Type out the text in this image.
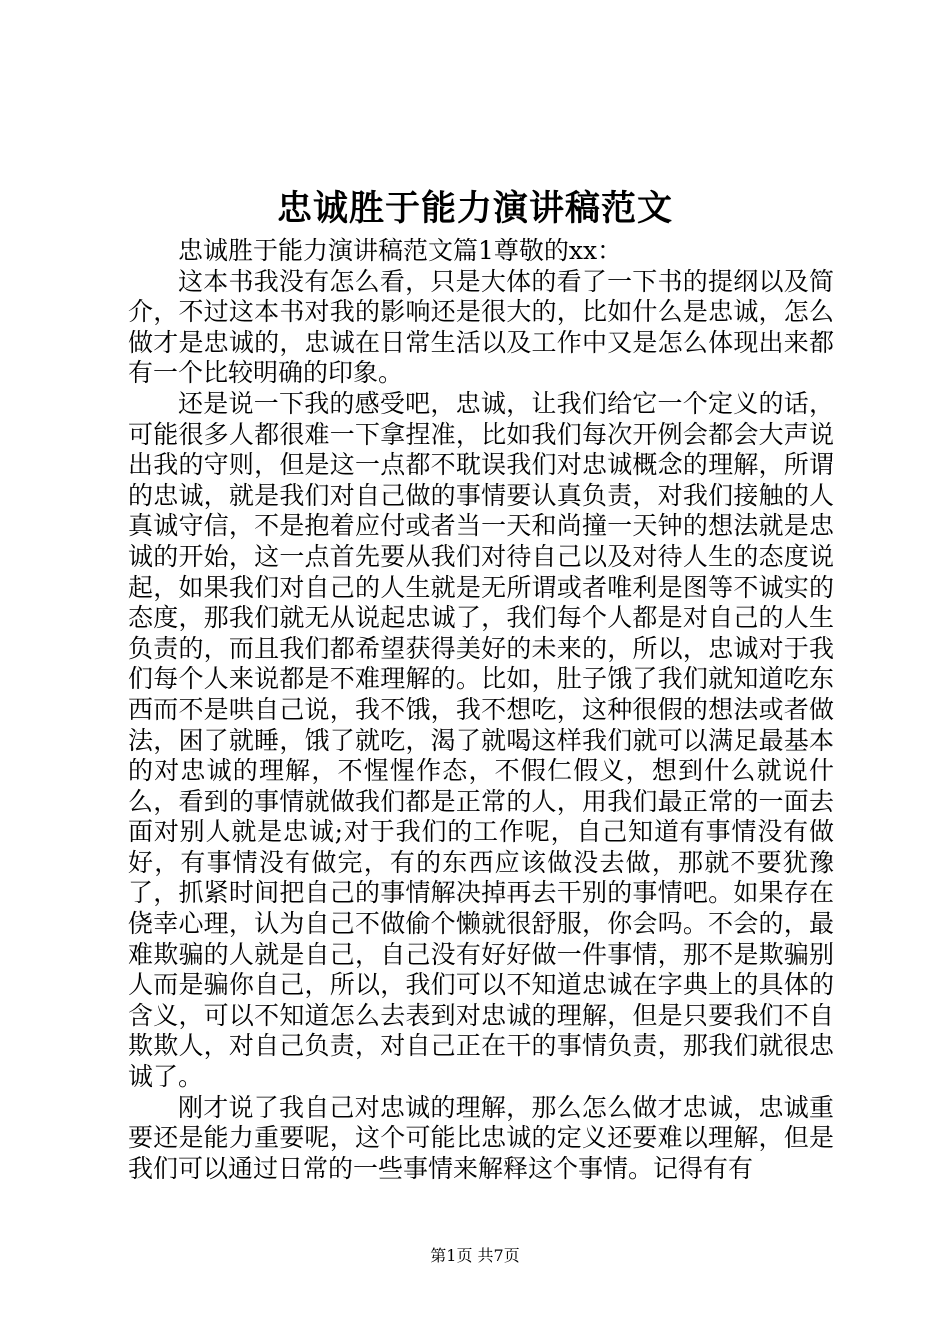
忠诚胜于能力演讲稿范文

忠诚胜于能力演讲稿范文篇1尊敬的xx：

这本书我没有怎么看，只是大体的看了一下书的提纲以及简介，不过这本书对我的影响还是很大的，比如什么是忠诚，怎么做才是忠诚的，忠诚在日常生活以及工作中又是怎么体现出来都有一个比较明确的印象。

还是说一下我的感受吧，忠诚，让我们给它一个定义的话，可能很多人都很难一下拿捏准，比如我们每次开例会都会大声说出我的守则，但是这一点都不耽误我们对忠诚概念的理解，所谓的忠诚，就是我们对自己做的事情要认真负责，对我们接触的人真诚守信，不是抱着应付或者当一天和尚撞一天钟的想法就是忠诚的开始，这一点首先要从我们对待自己以及对待人生的态度说起，如果我们对自己的人生就是无所谓或者唯利是图等不诚实的态度，那我们就无从说起忠诚了，我们每个人都是对自己的人生负责的，而且我们都希望获得美好的未来的，所以，忠诚对于我们每个人来说都是不难理解的。比如，肚子饿了我们就知道吃东西而不是哄自己说，我不饿，我不想吃，这种很假的想法或者做法，困了就睡，饿了就吃，渴了就喝这样我们就可以满足最基本的对忠诚的理解，不惺惺作态，不假仁假义，想到什么就说什么，看到的事情就做我们都是正常的人，用我们最正常的一面去面对别人就是忠诚;对于我们的工作呢，自己知道有事情没有做好，有事情没有做完，有的东西应该做没去做，那就不要犹豫了，抓紧时间把自己的事情解决掉再去干别的事情吧。如果存在侥幸心理，认为自己不做偷个懒就很舒服，你会吗。不会的，最难欺骗的人就是自己，自己没有好好做一件事情，那不是欺骗别人而是骗你自己，所以，我们可以不知道忠诚在字典上的具体的含义，可以不知道怎么去表到对忠诚的理解，但是只要我们不自欺欺人，对自己负责，对自己正在干的事情负责，那我们就很忠诚了。

刚才说了我自己对忠诚的理解，那么怎么做才忠诚，忠诚重要还是能力重要呢，这个可能比忠诚的定义还要难以理解，但是我们可以通过日常的一些事情来解释这个事情。记得有有

第1页 共7页
